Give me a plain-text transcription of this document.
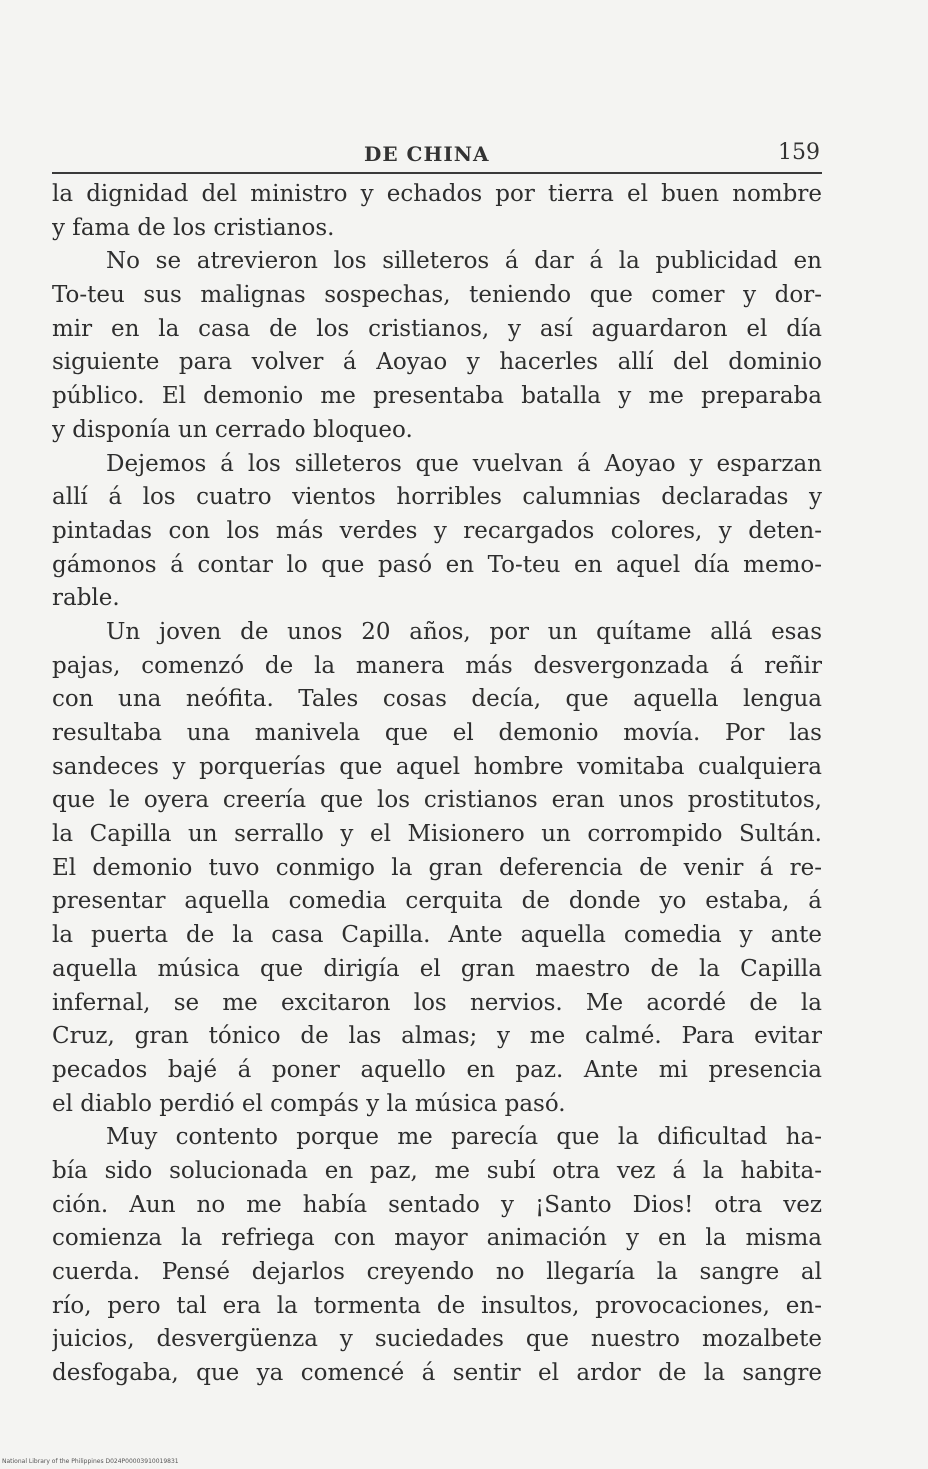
DE CHINA	159
la dignidad del ministro y echados por tierra el buen nombre
y fama de los cristianos.
No se atrevieron los silleteros á dar á la publicidad en
To-teu sus malignas sospechas, teniendo que comer y dor-
mir en la casa de los cristianos, y así aguardaron el día
siguiente para volver á Aoyao y hacerles allí del dominio
público. El demonio me presentaba batalla y me preparaba
y disponía un cerrado bloqueo.
Dejemos á los silleteros que vuelvan á Aoyao y esparzan
allí á los cuatro vientos horribles calumnias declaradas y
pintadas con los más verdes y recargados colores, y deten-
gámonos á contar lo que pasó en To-teu en aquel día memo-
rable.
Un joven de unos 20 años, por un quítame allá esas
pajas, comenzó de la manera más desvergonzada á reñir
con una neófita. Tales cosas decía, que aquella lengua
resultaba una manivela que el demonio movía. Por las
sandeces y porquerías que aquel hombre vomitaba cualquiera
que le oyera creería que los cristianos eran unos prostitutos,
la Capilla un serrallo y el Misionero un corrompido Sultán.
El demonio tuvo conmigo la gran deferencia de venir á re-
presentar aquella comedia cerquita de donde yo estaba, á
la puerta de la casa Capilla. Ante aquella comedia y ante
aquella música que dirigía el gran maestro de la Capilla
infernal, se me excitaron los nervios. Me acordé de la
Cruz, gran tónico de las almas; y me calmé. Para evitar
pecados bajé á poner aquello en paz. Ante mi presencia
el diablo perdió el compás y la música pasó.
Muy contento porque me parecía que la dificultad ha-
bía sido solucionada en paz, me subí otra vez á la habita-
ción. Aun no me había sentado y ¡Santo Dios! otra vez
comienza la refriega con mayor animación y en la misma
cuerda. Pensé dejarlos creyendo no llegaría la sangre al
río, pero tal era la tormenta de insultos, provocaciones, en-
juicios, desvergüenza y suciedades que nuestro mozalbete
desfogaba, que ya comencé á sentir el ardor de la sangre
National Library of the Philippines D024P00003910019831
